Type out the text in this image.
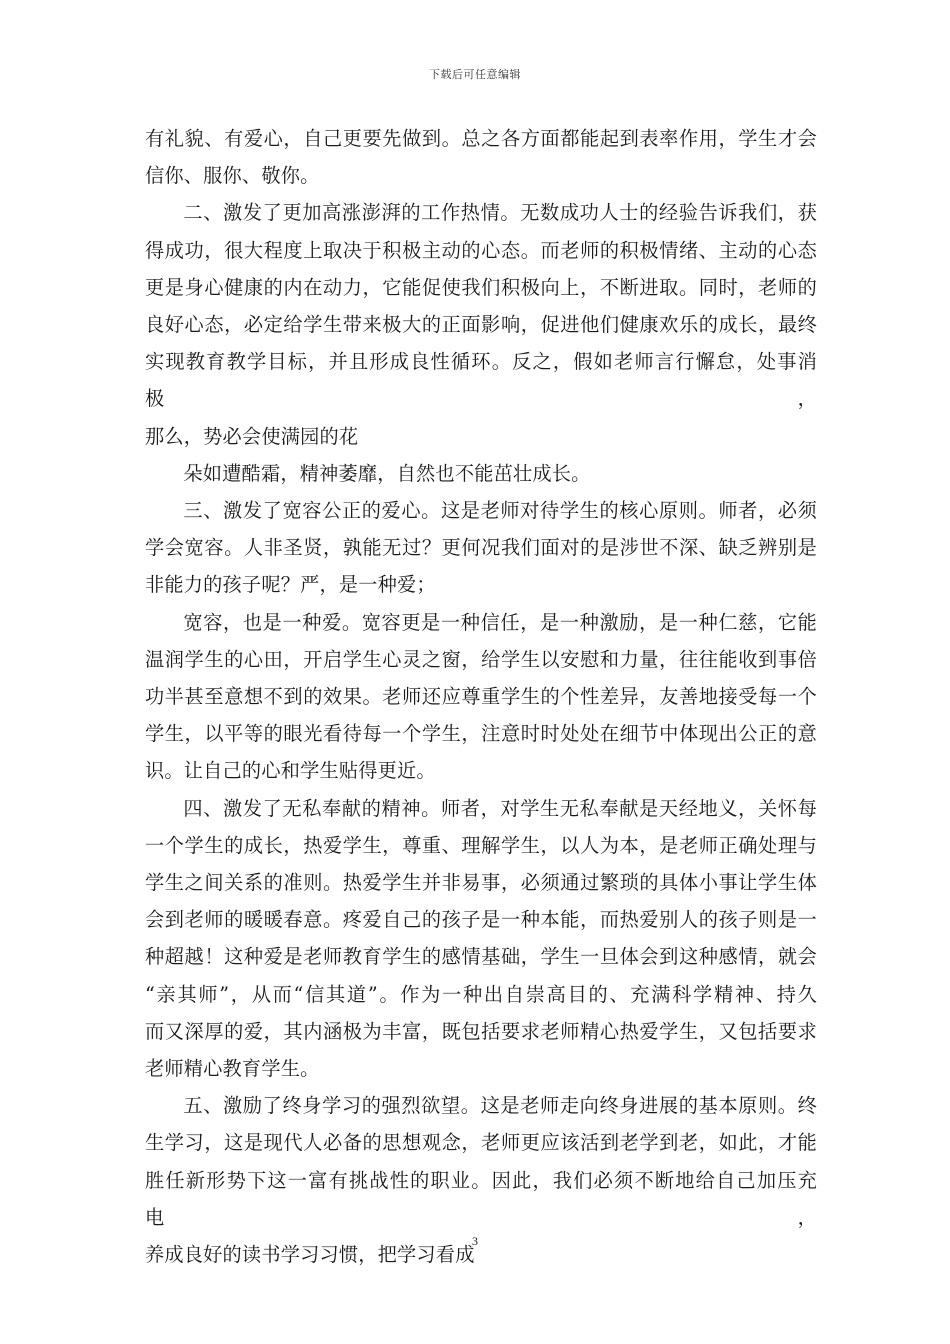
下载后可任意编辑

有礼貌、有爱心，自己更要先做到。总之各方面都能起到表率作用，学生才会
信你、服你、敬你。

二、激发了更加高涨澎湃的工作热情。无数成功人士的经验告诉我们，获
得成功，很大程度上取决于积极主动的心态。而老师的积极情绪、主动的心态
更是身心健康的内在动力，它能促使我们积极向上，不断进取。同时，老师的
良好心态，必定给学生带来极大的正面影响，促进他们健康欢乐的成长，最终
实现教育教学目标，并且形成良性循环。反之，假如老师言行懈怠，处事消极，
那么，势必会使满园的花

朵如遭酷霜，精神萎靡，自然也不能茁壮成长。

三、激发了宽容公正的爱心。这是老师对待学生的核心原则。师者，必须
学会宽容。人非圣贤，孰能无过？更何况我们面对的是涉世不深、缺乏辨别是
非能力的孩子呢？严，是一种爱；

宽容，也是一种爱。宽容更是一种信任，是一种激励，是一种仁慈，它能
温润学生的心田，开启学生心灵之窗，给学生以安慰和力量，往往能收到事倍
功半甚至意想不到的效果。老师还应尊重学生的个性差异，友善地接受每一个
学生，以平等的眼光看待每一个学生，注意时时处处在细节中体现出公正的意
识。让自己的心和学生贴得更近。

四、激发了无私奉献的精神。师者，对学生无私奉献是天经地义，关怀每
一个学生的成长，热爱学生，尊重、理解学生，以人为本，是老师正确处理与
学生之间关系的准则。热爱学生并非易事，必须通过繁琐的具体小事让学生体
会到老师的暖暖春意。疼爱自己的孩子是一种本能，而热爱别人的孩子则是一
种超越！这种爱是老师教育学生的感情基础，学生一旦体会到这种感情，就会
“亲其师”，从而“信其道”。作为一种出自崇高目的、充满科学精神、持久
而又深厚的爱，其内涵极为丰富，既包括要求老师精心热爱学生，又包括要求
老师精心教育学生。

五、激励了终身学习的强烈欲望。这是老师走向终身进展的基本原则。终
生学习，这是现代人必备的思想观念，老师更应该活到老学到老，如此，才能
胜任新形势下这一富有挑战性的职业。因此，我们必须不断地给自己加压充电，
养成良好的读书学习习惯，把学习看成

3
